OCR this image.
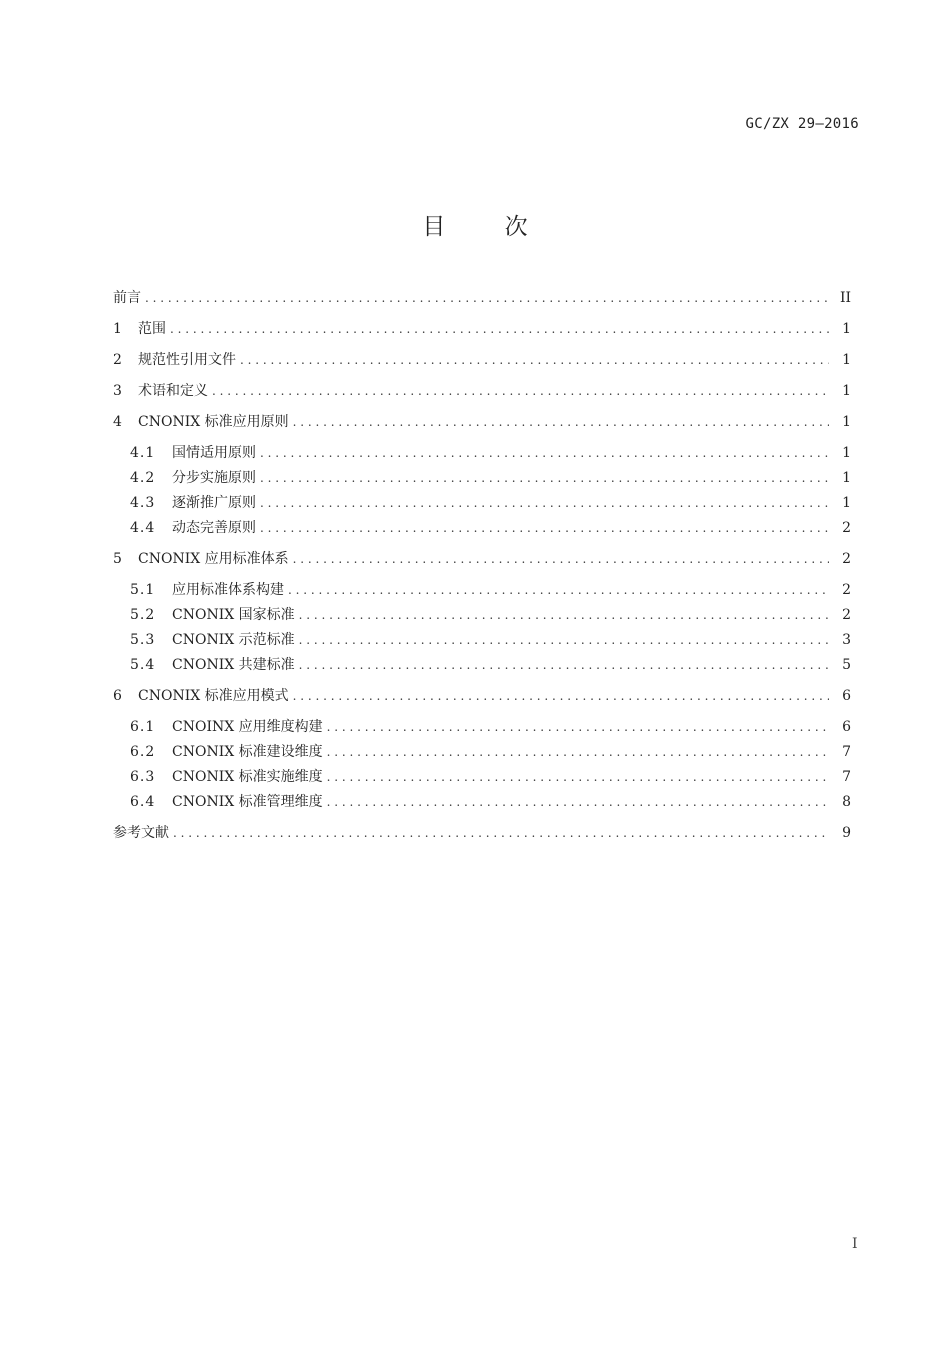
GC/ZX 29—2016
目 次
前言 . . .	II
1	范围 . . .	1
2	规范性引用文件 . . .	1
3	术语和定义 . . .	1
4	CNONIX 标准应用原则 . . .	1
4.1	国情适用原则 . . .	1
4.2	分步实施原则 . . .	1
4.3	逐渐推广原则 . . .	1
4.4	动态完善原则 . . .	2
5	CNONIX 应用标准体系 . . .	2
5.1	应用标准体系构建 . . .	2
5.2	CNONIX 国家标准 . . .	2
5.3	CNONIX 示范标准 . . .	3
5.4	CNONIX 共建标准 . . .	5
6	CNONIX 标准应用模式 . . .	6
6.1	CNOINX 应用维度构建 . . .	6
6.2	CNONIX 标准建设维度 . . .	7
6.3	CNONIX 标准实施维度 . . .	7
6.4	CNONIX 标准管理维度 . . .	8
参考文献 . . .	9
I
